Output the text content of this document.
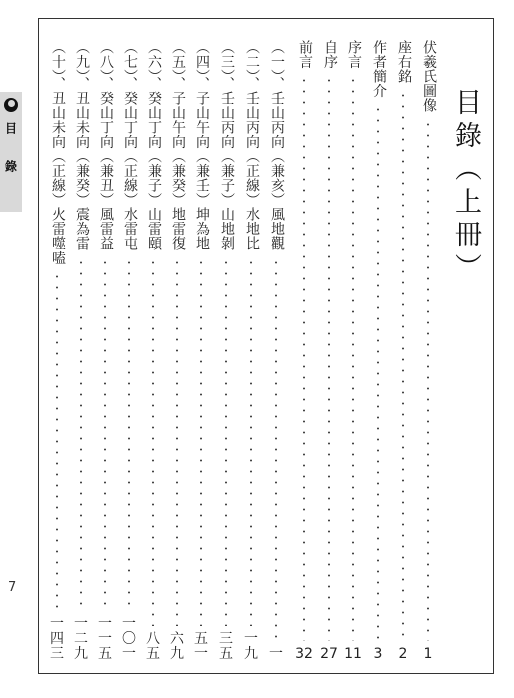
目錄
7
目錄（上冊）
伏羲氏圖像
1
座右銘
2
作者簡介
3
序言
11
自序
27
前言
32
（一）、壬山丙向（兼亥）風地觀
一
（二）、壬山丙向（正線）水地比
一九
（三）、壬山丙向（兼子）山地剝
三五
（四）、子山午向（兼壬）坤為地
五一
（五）、子山午向（兼癸）地雷復
六九
（六）、癸山丁向（兼子）山雷頤
八五
（七）、癸山丁向（正線）水雷屯
一〇一
（八）、癸山丁向（兼丑）風雷益
一一五
（九）、丑山未向（兼癸）震為雷
一二九
（十）、丑山未向（正線）火雷噬嗑
一四三
